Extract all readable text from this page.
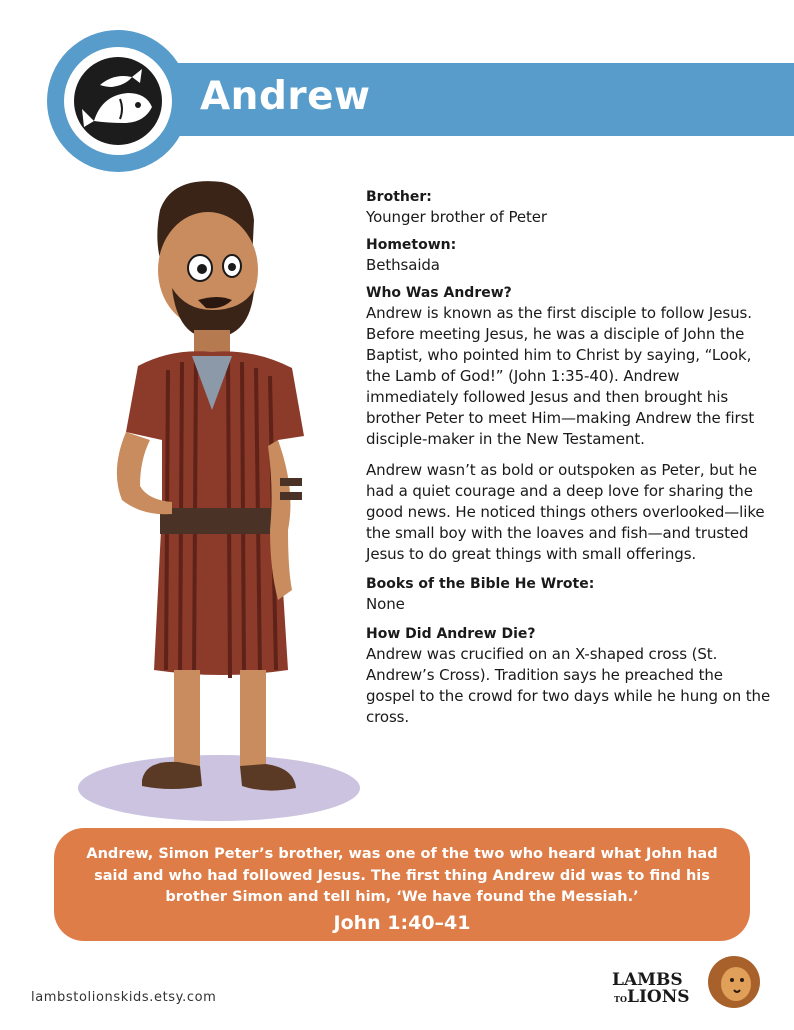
Andrew
Brother:
Younger brother of Peter
Hometown:
Bethsaida
Who Was Andrew?
Andrew is known as the first disciple to follow Jesus. Before meeting Jesus, he was a disciple of John the Baptist, who pointed him to Christ by saying, “Look, the Lamb of God!” (John 1:35-40). Andrew immediately followed Jesus and then brought his brother Peter to meet Him—making Andrew the first disciple-maker in the New Testament.
Andrew wasn’t as bold or outspoken as Peter, but he had a quiet courage and a deep love for sharing the good news. He noticed things others overlooked—like the small boy with the loaves and fish—and trusted Jesus to do great things with small offerings.
Books of the Bible He Wrote:
None
How Did Andrew Die?
Andrew was crucified on an X-shaped cross (St. Andrew’s Cross). Tradition says he preached the gospel to the crowd for two days while he hung on the cross.
Andrew, Simon Peter’s brother, was one of the two who heard what John had said and who had followed Jesus. The first thing Andrew did was to find his brother Simon and tell him, ‘We have found the Messiah.’
John 1:40–41
lambstolionskids.etsy.com
LAMBS
TO LIONS
